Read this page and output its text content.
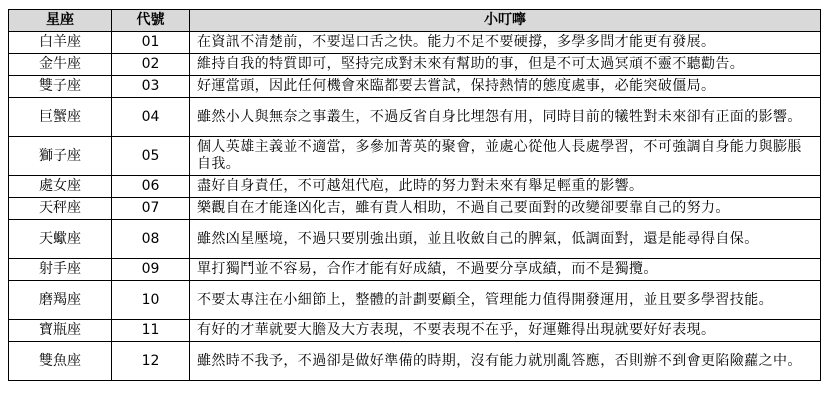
星座	代號	小叮嚀
白羊座	01	在資訊不清楚前，不要逞口舌之快。能力不足不要硬撐，多學多問才能更有發展。
金牛座	02	維持自我的特質即可，堅持完成對未來有幫助的事，但是不可太過冥頑不靈不聽勸告。
雙子座	03	好運當頭，因此任何機會來臨都要去嘗試，保持熱情的態度處事，必能突破僵局。
巨蟹座	04	雖然小人與無奈之事叢生，不過反省自身比埋怨有用，同時目前的犧牲對未來卻有正面的影響。
獅子座	05	個人英雄主義並不適當，多參加菁英的聚會，並處心從他人長處學習，不可強調自身能力與膨脹自我。
處女座	06	盡好自身責任，不可越俎代庖，此時的努力對未來有舉足輕重的影響。
天秤座	07	樂觀自在才能逢凶化吉，雖有貴人相助，不過自己要面對的改變卻要靠自己的努力。
天蠍座	08	雖然凶星壓境，不過只要別強出頭，並且收斂自己的脾氣，低調面對，還是能尋得自保。
射手座	09	單打獨鬥並不容易，合作才能有好成績，不過要分享成績，而不是獨攬。
磨羯座	10	不要太專注在小細節上，整體的計劃要顧全，管理能力值得開發運用，並且要多學習技能。
寶瓶座	11	有好的才華就要大膽及大方表現，不要表現不在乎，好運難得出現就要好好表現。
雙魚座	12	雖然時不我予，不過卻是做好準備的時期，沒有能力就別亂答應，否則辦不到會更陷險蘿之中。
